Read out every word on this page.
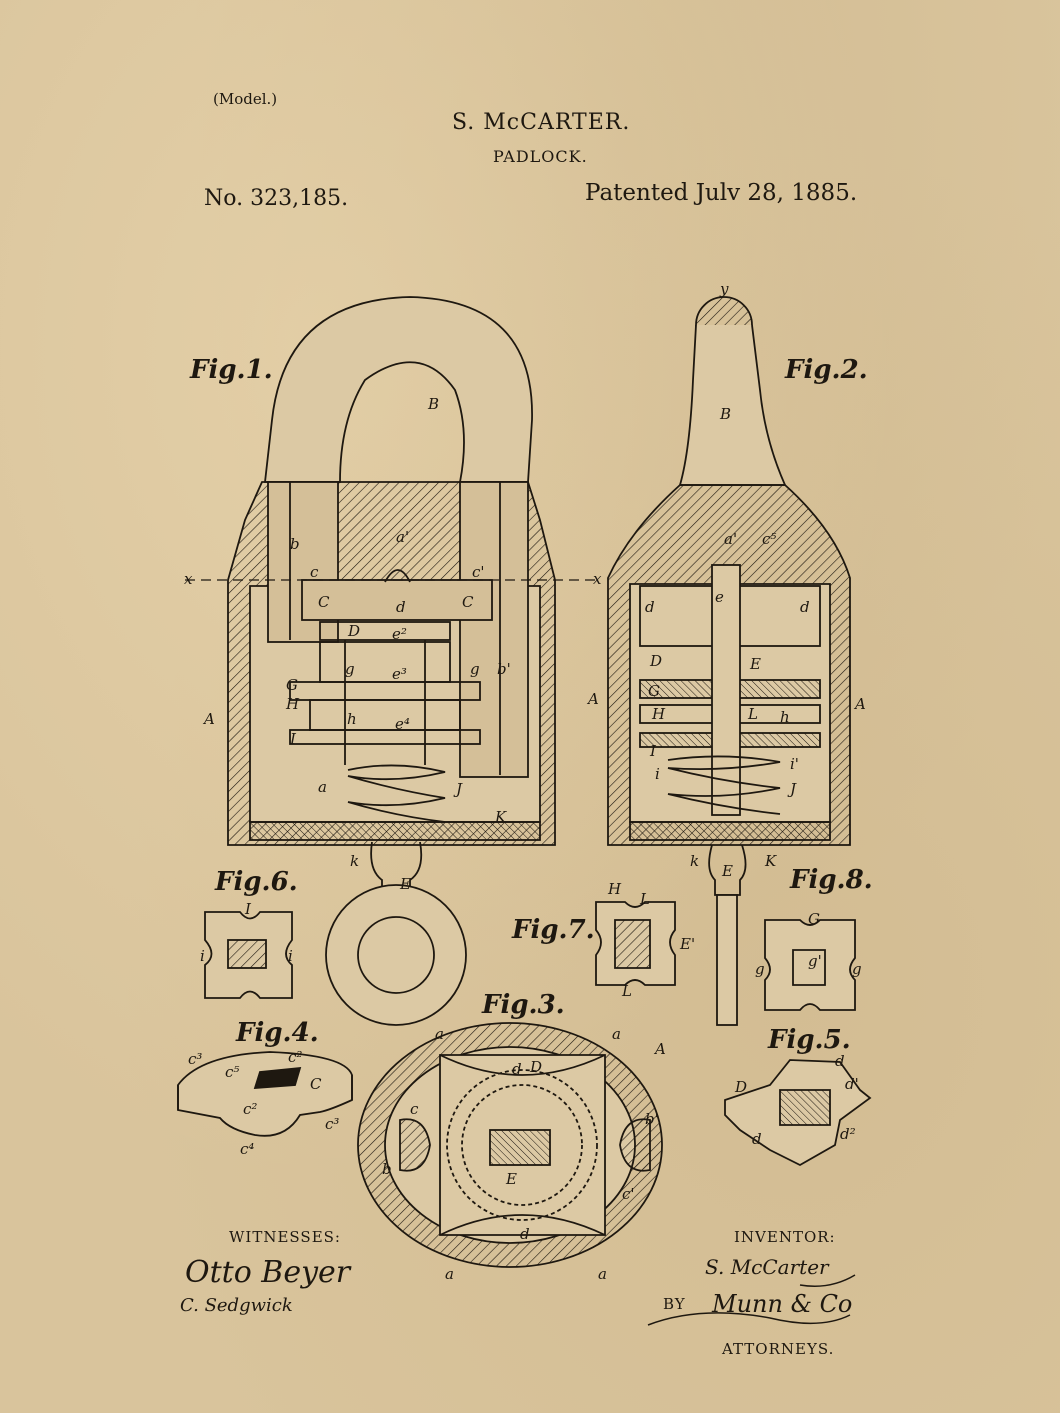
(Model.)
S. McCARTER.
PADLOCK.
No. 323,185.	Patented Julv 28, 1885.
Fig.1.	Fig.2.
Fig.3.
Fig.4.	Fig.5.
Fig.6.
Fig.7.
Fig.8.
B
B
A
A	A
A
a'	a'
b
b'
c	c'
C	C
d
D e²
e³
e⁴
G
H
I
g	g
h
a	J
K
k
E
x	x
y
c⁵
e
d	d
D
G
E
H	L h
I
i
i'
J
k
E
K
I
i	i
H
L
E'
L
G
g	g
g'
c³
c⁵
c²
C
c²
c³
c⁴
a	a
d D
c
b'
b
c'
E
d
a	a
D
d
d'
d	d²
WITNESSES:	INVENTOR:
BY
ATTORNEYS.
Otto Beyer
C. Sedgwick
S. McCarter
Munn & Co
